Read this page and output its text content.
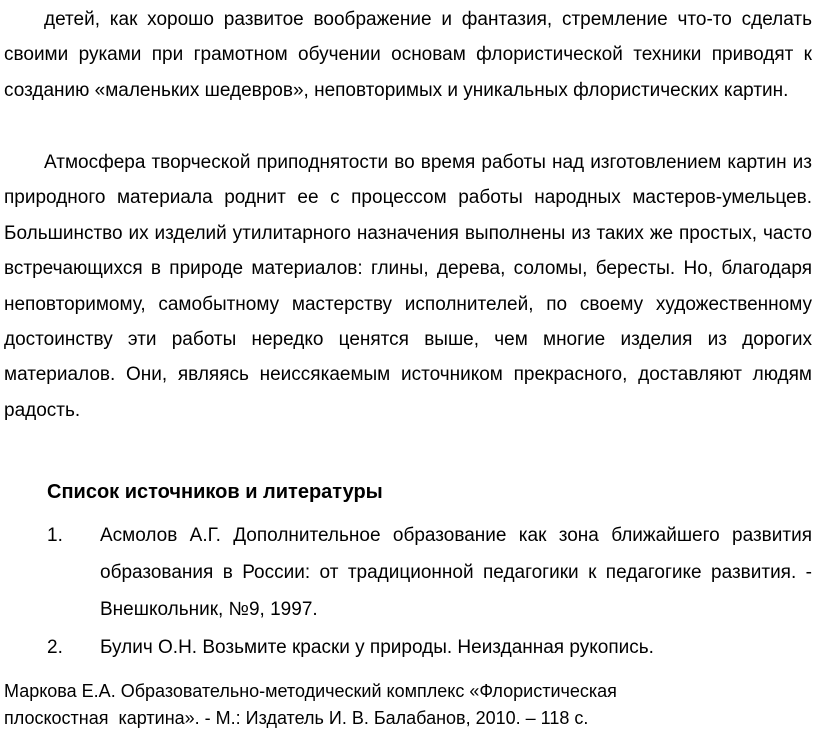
детей, как хорошо развитое воображение и фантазия, стремление что-то сделать своими руками при грамотном обучении основам флористической техники приводят к созданию «маленьких шедевров», неповторимых и уникальных флористических картин.

Атмосфера творческой приподнятости во время работы над изготовлением картин из природного материала роднит ее с процессом работы народных мастеров-умельцев. Большинство их изделий утилитарного назначения выполнены из таких же простых, часто встречающихся в природе материалов: глины, дерева, соломы, бересты. Но, благодаря неповторимому, самобытному мастерству исполнителей, по своему художественному достоинству эти работы нередко ценятся выше, чем многие изделия из дорогих материалов. Они, являясь неиссякаемым источником прекрасного, доставляют людям радость.

Список источников и литературы
1. Асмолов А.Г. Дополнительное образование как зона ближайшего развития образования в России: от традиционной педагогики к педагогике развития. - Внешкольник, №9, 1997.
2. Булич О.Н. Возьмите краски у природы. Неизданная рукопись.
Маркова Е.А. Образовательно-методический комплекс «Флористическая
плоскостная  картина». - М.: Издатель И. В. Балабанов, 2010. – 118 с.
